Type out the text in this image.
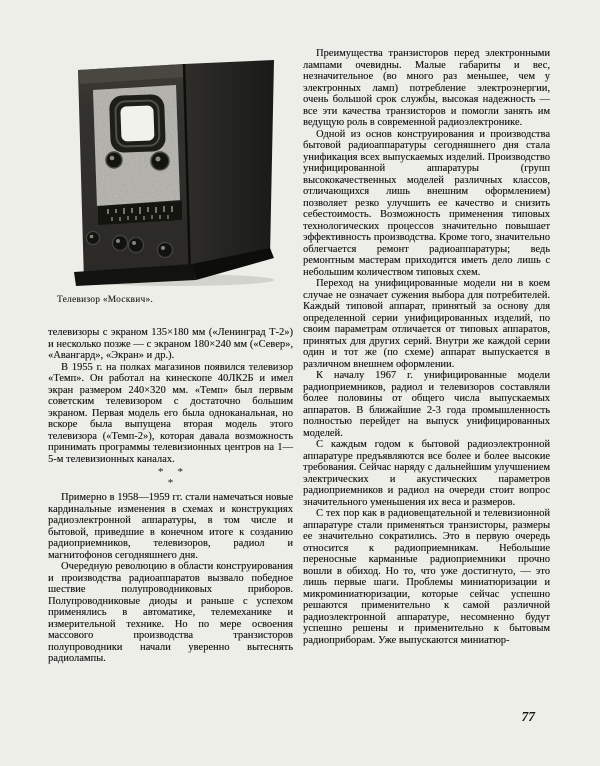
Телевизор «Москвич».

телевизоры с экраном 135×180 мм («Ленинград Т-2») и несколько позже — с экраном 180×240 мм («Север», «Авангард», «Экран» и др.).

В 1955 г. на полках магазинов появился телевизор «Темп». Он работал на кинескопе 40ЛК2Б и имел экран размером 240×320 мм. «Темп» был первым советским телевизором с достаточно большим экраном. Первая модель его была одноканальная, но вскоре была выпущена вторая модель этого телевизора («Темп-2»), которая давала возможность принимать программы телевизионных центров на 1—5-м телевизионных каналах.

*     *
*

Примерно в 1958—1959 гг. стали намечаться новые кардинальные изменения в схемах и конструкциях радиоэлектронной аппаратуры, в том числе и бытовой, приведшие в конечном итоге к созданию радиоприемников, телевизоров, радиол и магнитофонов сегодняшнего дня.

Очередную революцию в области конструирования и производства радиоаппаратов вызвало победное шествие полупроводниковых приборов. Полупроводниковые диоды и раньше с успехом применялись в автоматике, телемеханике и измерительной технике. Но по мере освоения массового производства транзисторов полупроводники начали уверенно вытеснять радиолампы.

Преимущества транзисторов перед электронными лампами очевидны. Малые габариты и вес, незначительное (во много раз меньшее, чем у электронных ламп) потребление электроэнергии, очень большой срок службы, высокая надежность — все эти качества транзисторов и помогли занять им ведущую роль в современной радиоэлектронике.

Одной из основ конструирования и производства бытовой радиоаппаратуры сегодняшнего дня стала унификация всех выпускаемых изделий. Производство унифицированной аппаратуры (групп высококачественных моделей различных классов, отличающихся лишь внешним оформлением) позволяет резко улучшить ее качество и снизить себестоимость. Возможность применения типовых технологических процессов значительно повышает эффективность производства. Кроме того, значительно облегчается ремонт радиоаппаратуры; ведь ремонтным мастерам приходится иметь дело лишь с небольшим количеством типовых схем.

Переход на унифицированные модели ни в коем случае не означает сужения выбора для потребителей. Каждый типовой аппарат, принятый за основу для определенной серии унифицированных изделий, по своим параметрам отличается от типовых аппаратов, принятых для других серий. Внутри же каждой серии один и тот же (по схеме) аппарат выпускается в различном внешнем оформлении.

К началу 1967 г. унифицированные модели радиоприемников, радиол и телевизоров составляли более половины от общего числа выпускаемых аппаратов. В ближайшие 2-3 года промышленность полностью перейдет на выпуск унифицированных моделей.

С каждым годом к бытовой радиоэлектронной аппаратуре предъявляются все более и более высокие требования. Сейчас наряду с дальнейшим улучшением электрических и акустических параметров радиоприемников и радиол на очереди стоит вопрос значительного уменьшения их веса и размеров.

С тех пор как в радиовещательной и телевизионной аппаратуре стали применяться транзисторы, размеры ее значительно сократились. Это в первую очередь относится к радиоприемникам. Небольшие переносные карманные радиоприемники прочно вошли в обиход. Но то, что уже достигнуто, — это лишь первые шаги. Проблемы миниатюризации и микроминиатюризации, которые сейчас успешно решаются применительно к самой различной радиоэлектронной аппаратуре, несомненно будут успешно решены и применительно к бытовым радиоприборам. Уже выпускаются миниатюр-

77
